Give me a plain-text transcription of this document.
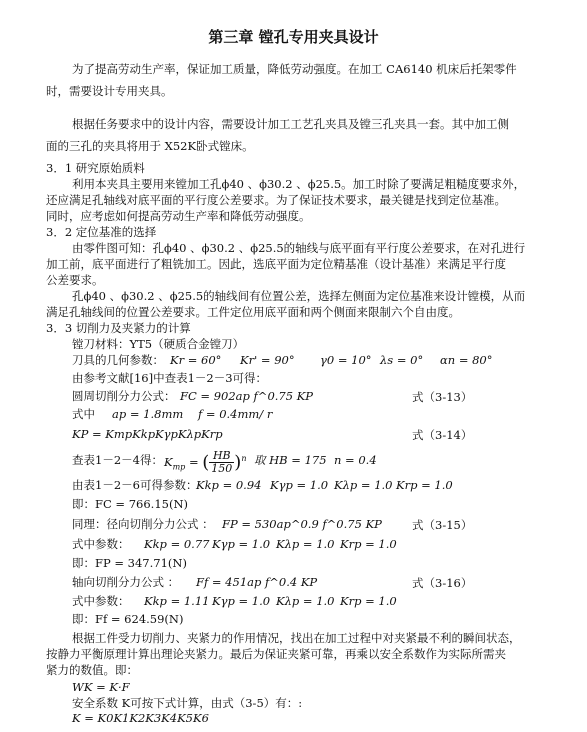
第三章 镗孔专用夹具设计
为了提高劳动生产率，保证加工质量，降低劳动强度。在加工 CA6140 机床后托架零件
时，需要设计专用夹具。
根据任务要求中的设计内容，需要设计加工工艺孔夹具及镗三孔夹具一套。其中加工侧
面的三孔的夹具将用于 X52K卧式镗床。
3．1 研究原始质料
利用本夹具主要用来镗加工孔ϕ40 、ϕ30.2 、ϕ25.5。加工时除了要满足粗糙度要求外，
还应满足孔轴线对底平面的平行度公差要求。为了保证技术要求，最关键是找到定位基准。
同时，应考虑如何提高劳动生产率和降低劳动强度。
3．2 定位基准的选择
由零件图可知：孔ϕ40 、ϕ30.2 、ϕ25.5的轴线与底平面有平行度公差要求，在对孔进行
加工前，底平面进行了粗铣加工。因此，选底平面为定位精基准（设计基准）来满足平行度
公差要求。
孔ϕ40 、ϕ30.2 、ϕ25.5的轴线间有位置公差，选择左侧面为定位基准来设计镗模，从而
满足孔轴线间的位置公差要求。工件定位用底平面和两个侧面来限制六个自由度。
3．3 切削力及夹紧力的计算
镗刀材料：YT5（硬质合金镗刀）
刀具的几何参数： Kr = 60° Kr' = 90° γ0 = 10° λs = 0° αn = 80°
由参考文献[16]中查表1－2－3可得：
圆周切削分力公式： FC = 902ap f^0.75 KP	式（3-13）
式中 ap = 1.8mm f = 0.4mm/ r
KP = KmpKkpKγpKλpKrp	式（3-14）
查表1－2－4得： $K_{mp}$ = ( $\frac{HB}{150} )^n$ 取 HB = 175 n = 0.4
由表1－2－6可得参数：
Kkp = 0.94 Kγp = 1.0 Kλp = 1.0 Krp = 1.0
即：FC = 766.15(N)
同理：径向切削分力公式 ： FP = 530ap^0.9 f^0.75 KP	式（3-15）
式中参数： Kkp = 0.77 Kγp = 1.0 Kλp = 1.0 Krp = 1.0
即：FP = 347.71(N)
轴向切削分力公式 ： Ff = 451ap f^0.4 KP	式（3-16）
式中参数： Kkp = 1.11 Kγp = 1.0 Kλp = 1.0 Krp = 1.0
即：Ff = 624.59(N)
根据工件受力切削力、夹紧力的作用情况，找出在加工过程中对夹紧最不利的瞬间状态，
按静力平衡原理计算出理论夹紧力。最后为保证夹紧可靠，再乘以安全系数作为实际所需夹
紧力的数值。即：
WK = K·F
安全系数 K可按下式计算，由式（3-5）有：:
K = K0K1K2K3K4K5K6
